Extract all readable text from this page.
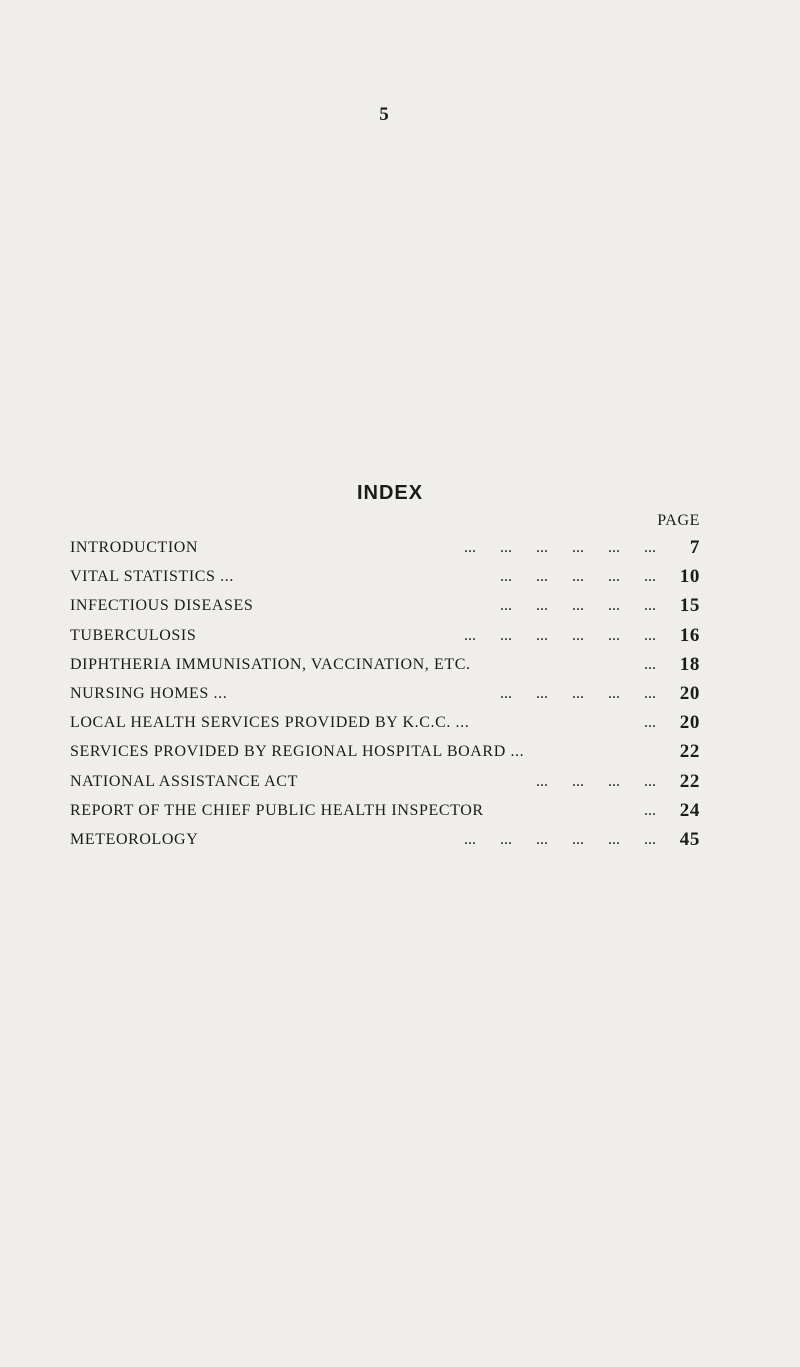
5
INDEX
PAGE
INTRODUCTION	...      ...      ...      ...      ...      ... 7
VITAL STATISTICS ...	...      ...      ...      ...      ... 10
INFECTIOUS DISEASES	...      ...      ...      ...      ... 15
TUBERCULOSIS	...      ...      ...      ...      ...      ... 16
DIPHTHERIA IMMUNISATION, VACCINATION, ETC.	... 18
NURSING HOMES ...	...      ...      ...      ...      ... 20
LOCAL HEALTH SERVICES PROVIDED BY K.C.C. ...	... 20
SERVICES PROVIDED BY REGIONAL HOSPITAL BOARD ...	22
NATIONAL ASSISTANCE ACT	...      ...      ...      ... 22
REPORT OF THE CHIEF PUBLIC HEALTH INSPECTOR	... 24
METEOROLOGY	...      ...      ...      ...      ...      ... 45
